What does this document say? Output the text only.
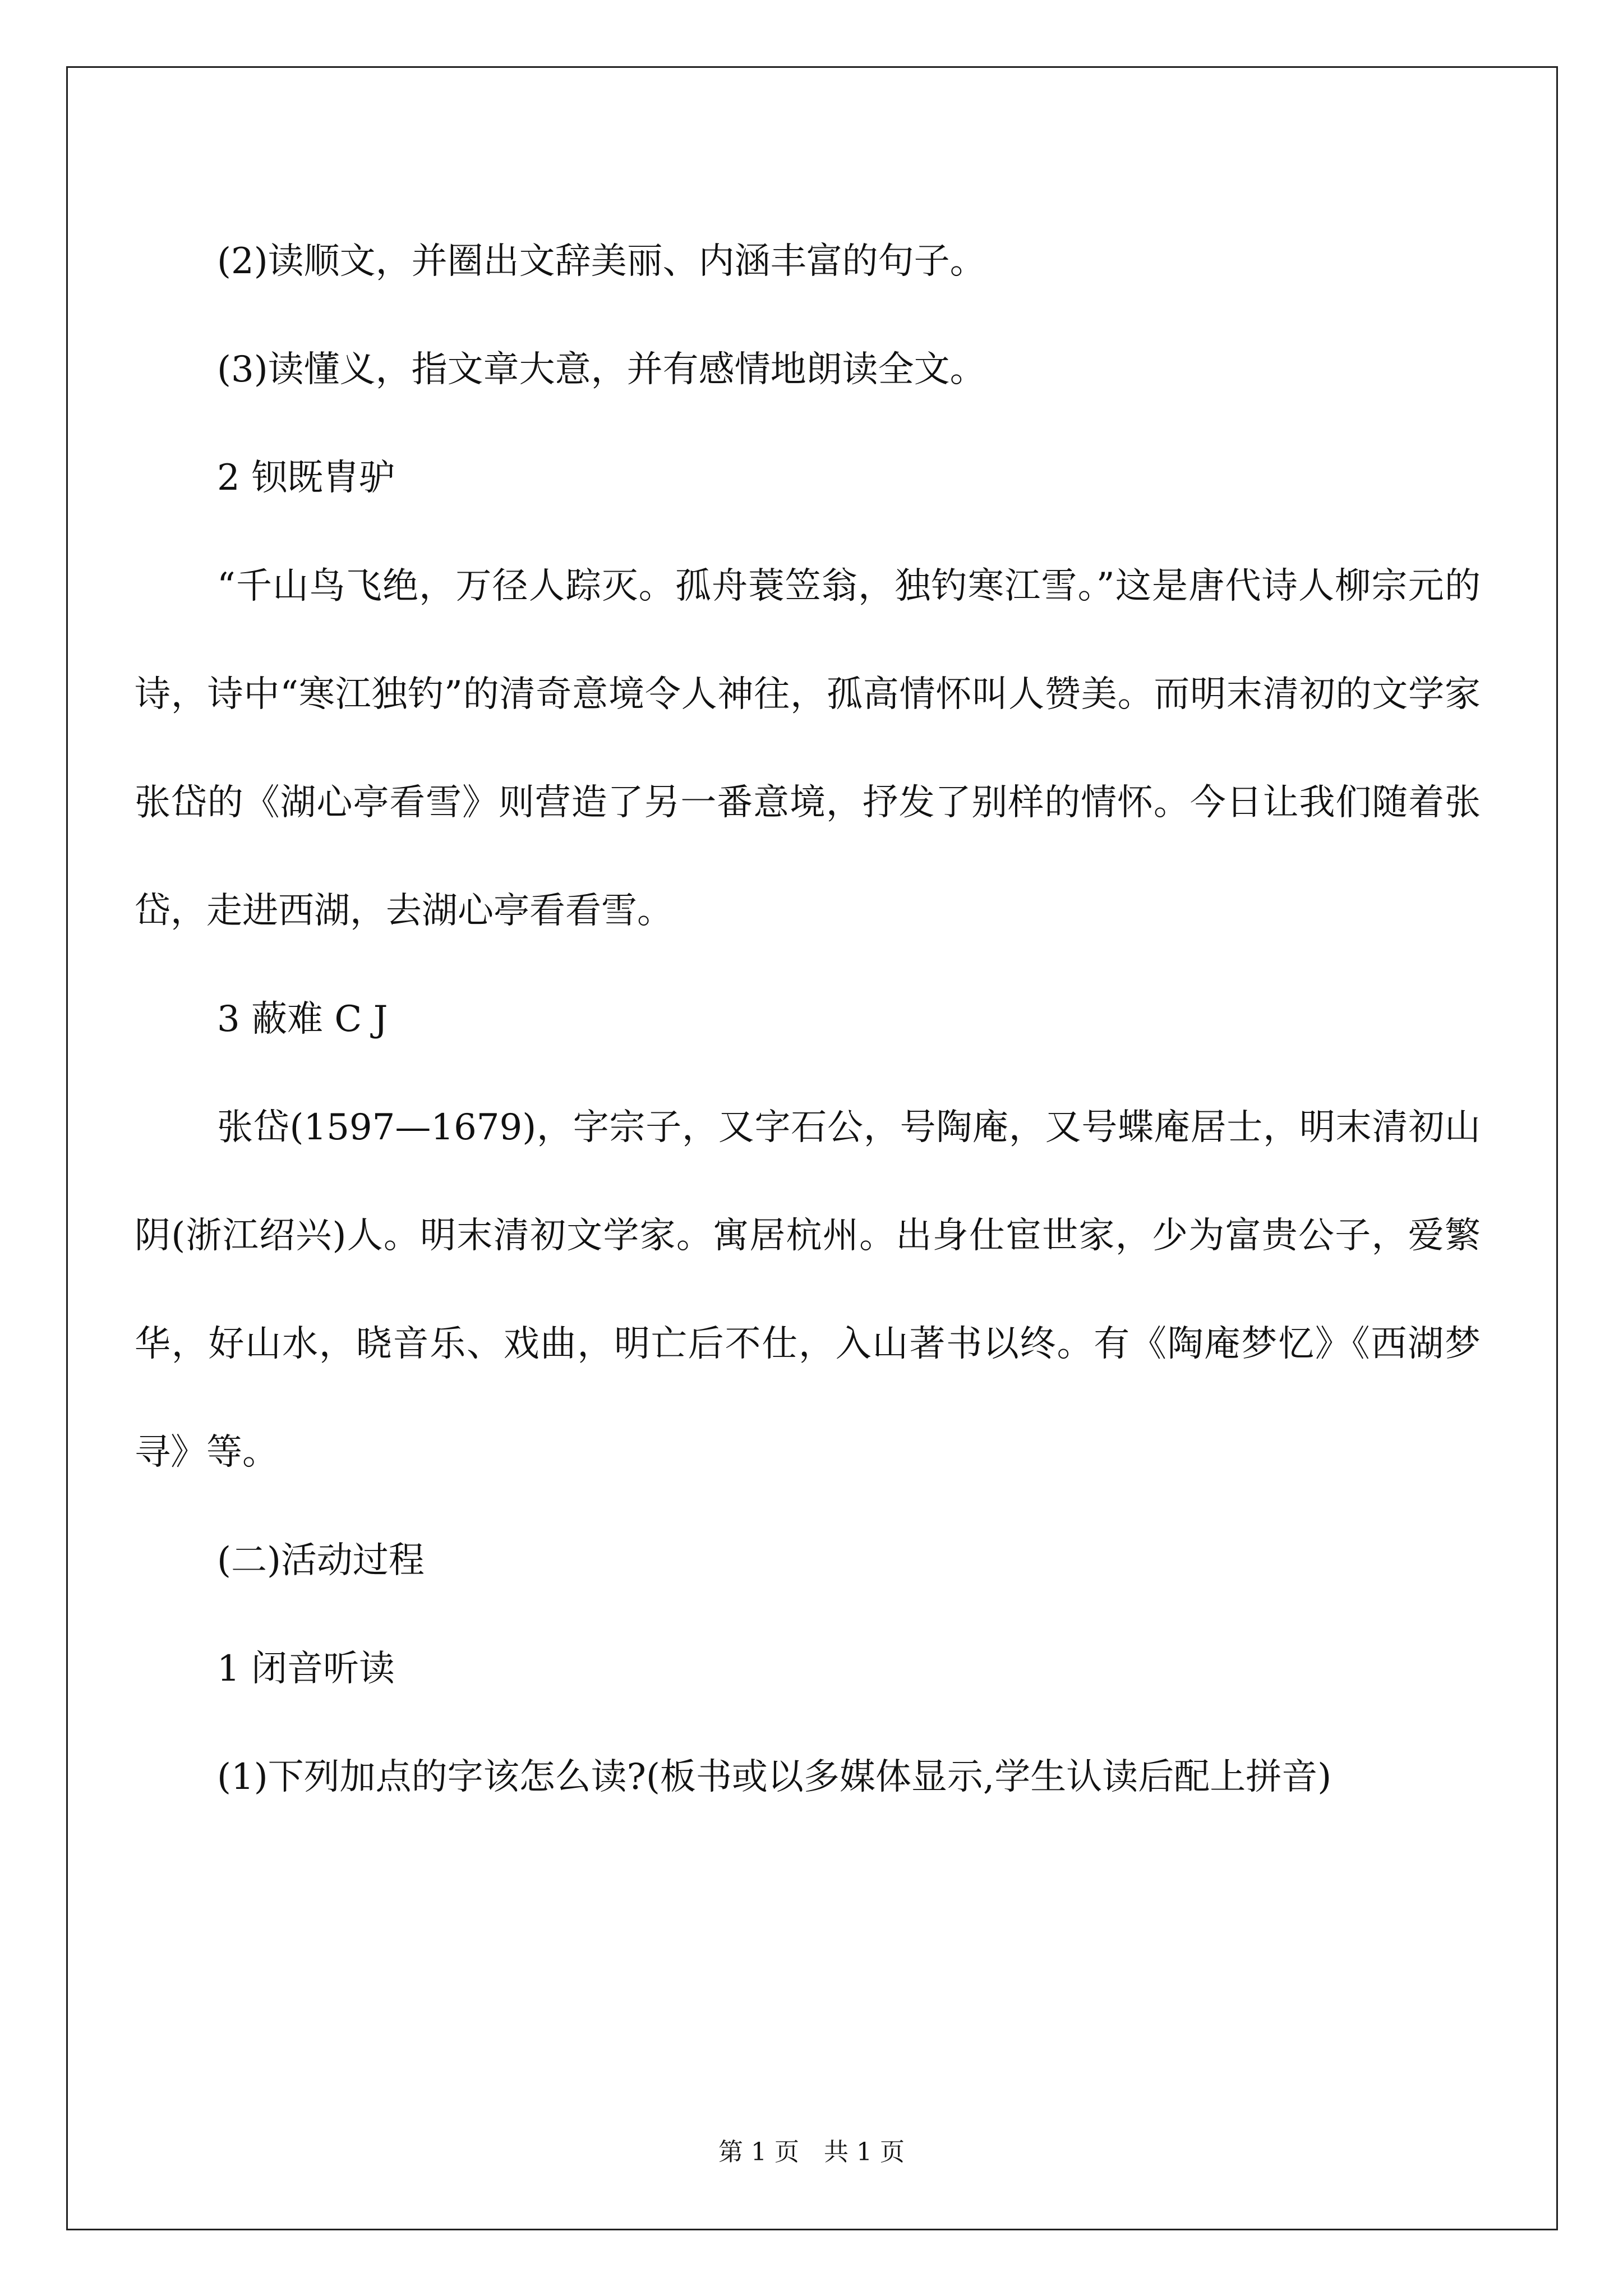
(2)读顺文，并圈出文辞美丽、内涵丰富的句子。

(3)读懂义，指文章大意，并有感情地朗读全文。

2 钡既胄驴

“千山鸟飞绝，万径人踪灭。孤舟蓑笠翁，独钓寒江雪。”这是唐代诗人柳宗元的诗，诗中“寒江独钓”的清奇意境令人神往，孤高情怀叫人赞美。而明末清初的文学家张岱的《湖心亭看雪》则营造了另一番意境，抒发了别样的情怀。今日让我们随着张岱，走进西湖，去湖心亭看看雪。

3 蔽难 C J

张岱(1597—1679)，字宗子，又字石公，号陶庵，又号蝶庵居士，明末清初山阴(浙江绍兴)人。明末清初文学家。寓居杭州。出身仕宦世家，少为富贵公子，爱繁华，好山水，晓音乐、戏曲，明亡后不仕，入山著书以终。有《陶庵梦忆》《西湖梦寻》等。

(二)活动过程

1 闭音听读

(1)下列加点的字该怎么读?(板书或以多媒体显示,学生认读后配上拼音)

第 1 页　共 1 页
